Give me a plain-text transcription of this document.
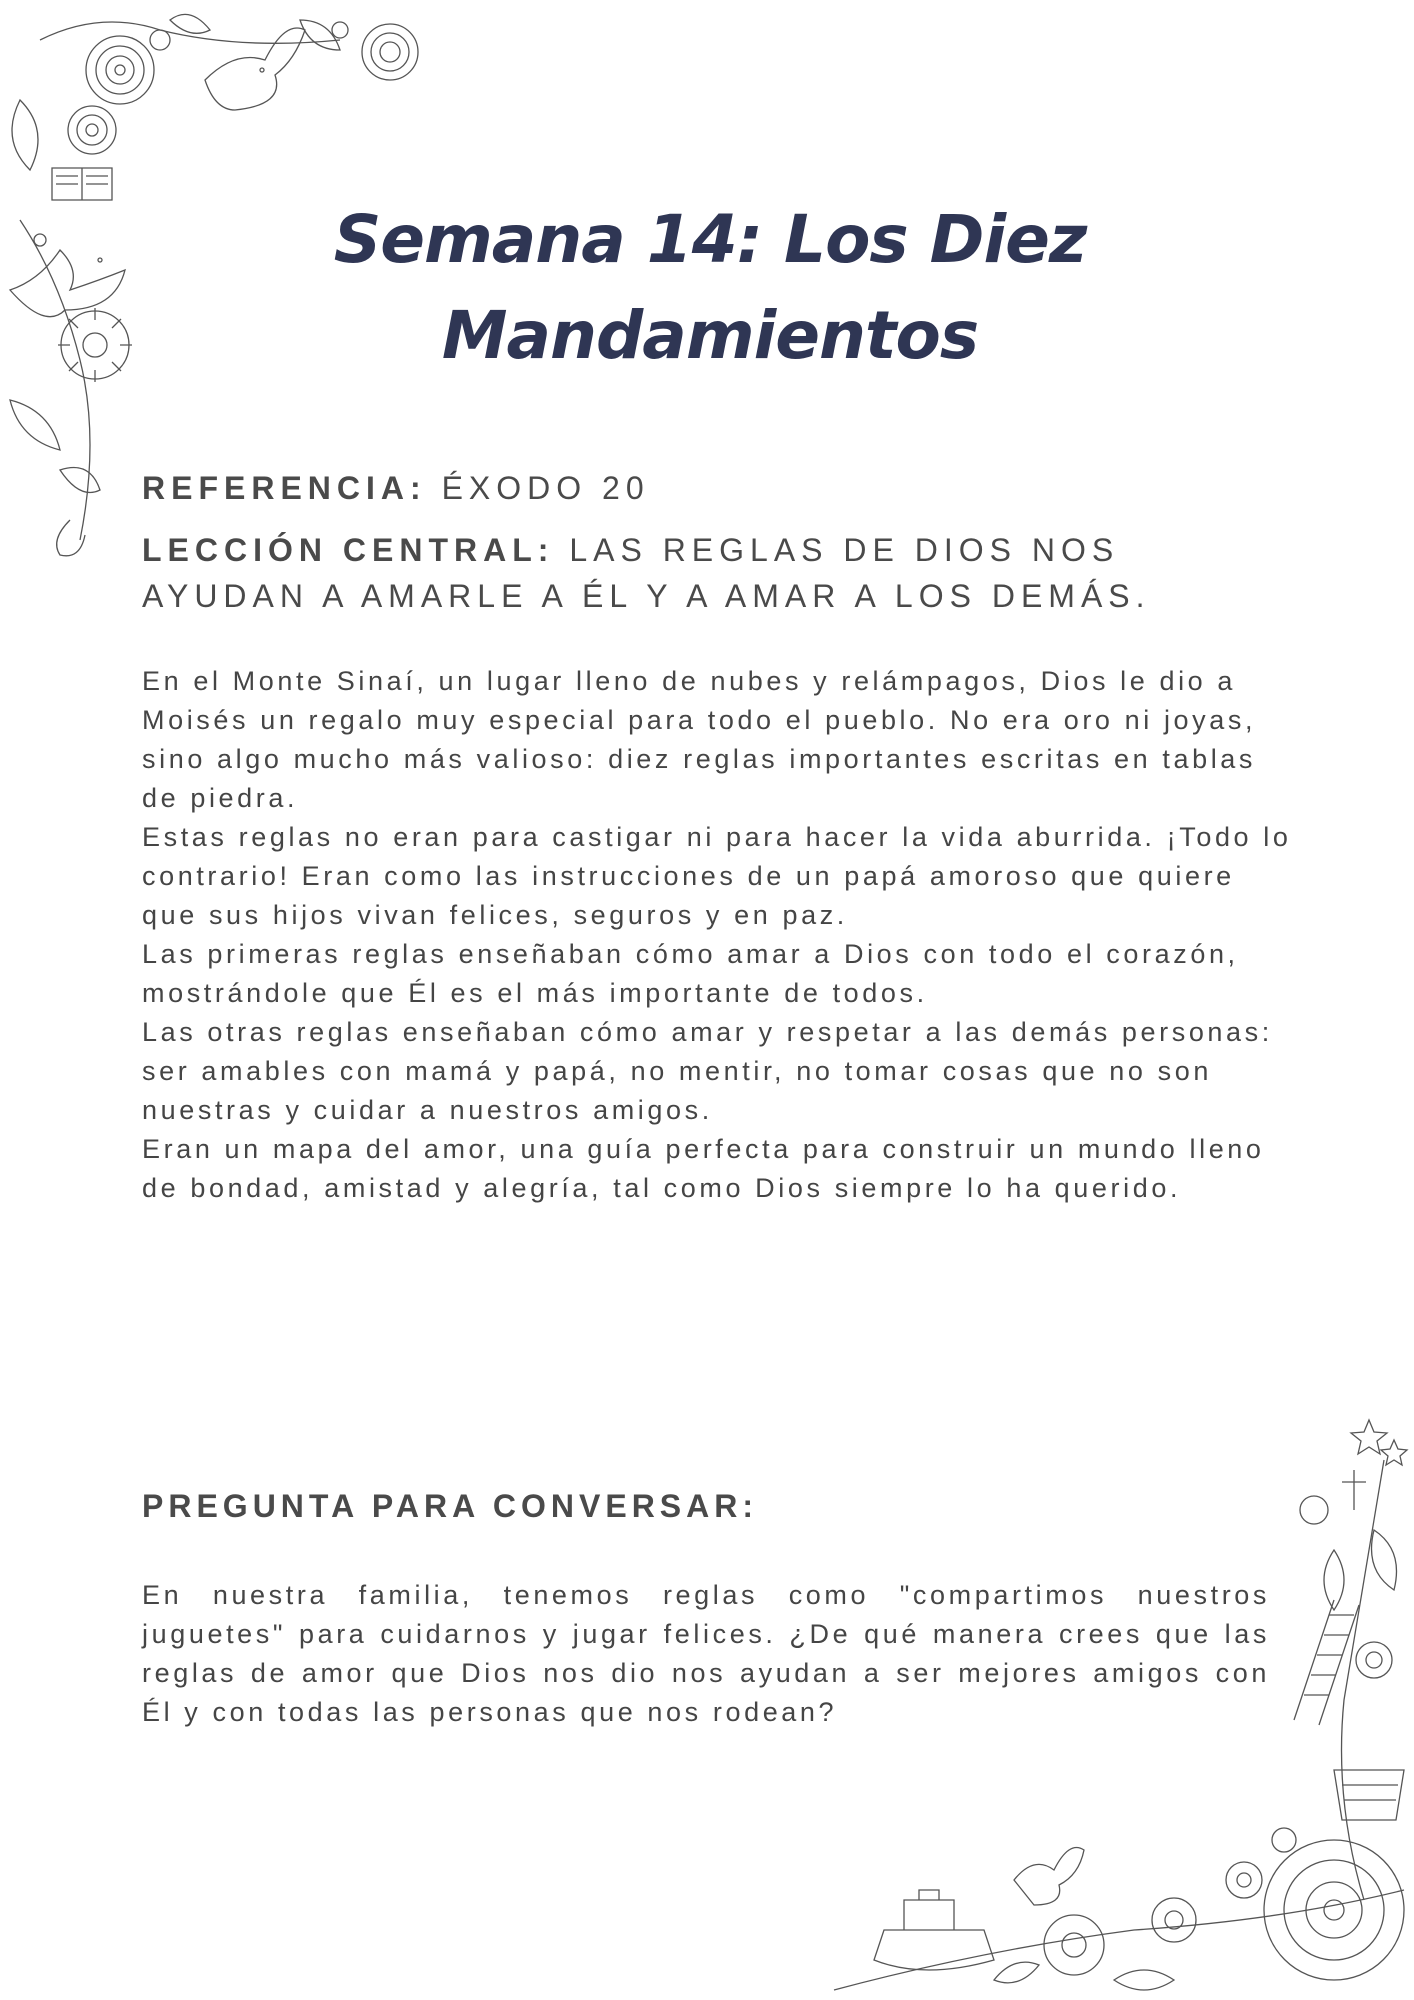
Semana 14: Los Diez
Mandamientos
REFERENCIA: ÉXODO 20
LECCIÓN CENTRAL: LAS REGLAS DE DIOS NOS AYUDAN A AMARLE A ÉL Y A AMAR A LOS DEMÁS.

En el Monte Sinaí, un lugar lleno de nubes y relámpagos, Dios le dio a Moisés un regalo muy especial para todo el pueblo. No era oro ni joyas, sino algo mucho más valioso: diez reglas importantes escritas en tablas de piedra.

Estas reglas no eran para castigar ni para hacer la vida aburrida. ¡Todo lo contrario! Eran como las instrucciones de un papá amoroso que quiere que sus hijos vivan felices, seguros y en paz.

Las primeras reglas enseñaban cómo amar a Dios con todo el corazón, mostrándole que Él es el más importante de todos.

Las otras reglas enseñaban cómo amar y respetar a las demás personas: ser amables con mamá y papá, no mentir, no tomar cosas que no son nuestras y cuidar a nuestros amigos.

Eran un mapa del amor, una guía perfecta para construir un mundo lleno de bondad, amistad y alegría, tal como Dios siempre lo ha querido.

PREGUNTA PARA CONVERSAR:
En nuestra familia, tenemos reglas como "compartimos nuestros juguetes" para cuidarnos y jugar felices. ¿De qué manera crees que las reglas de amor que Dios nos dio nos ayudan a ser mejores amigos con Él y con todas las personas que nos rodean?
